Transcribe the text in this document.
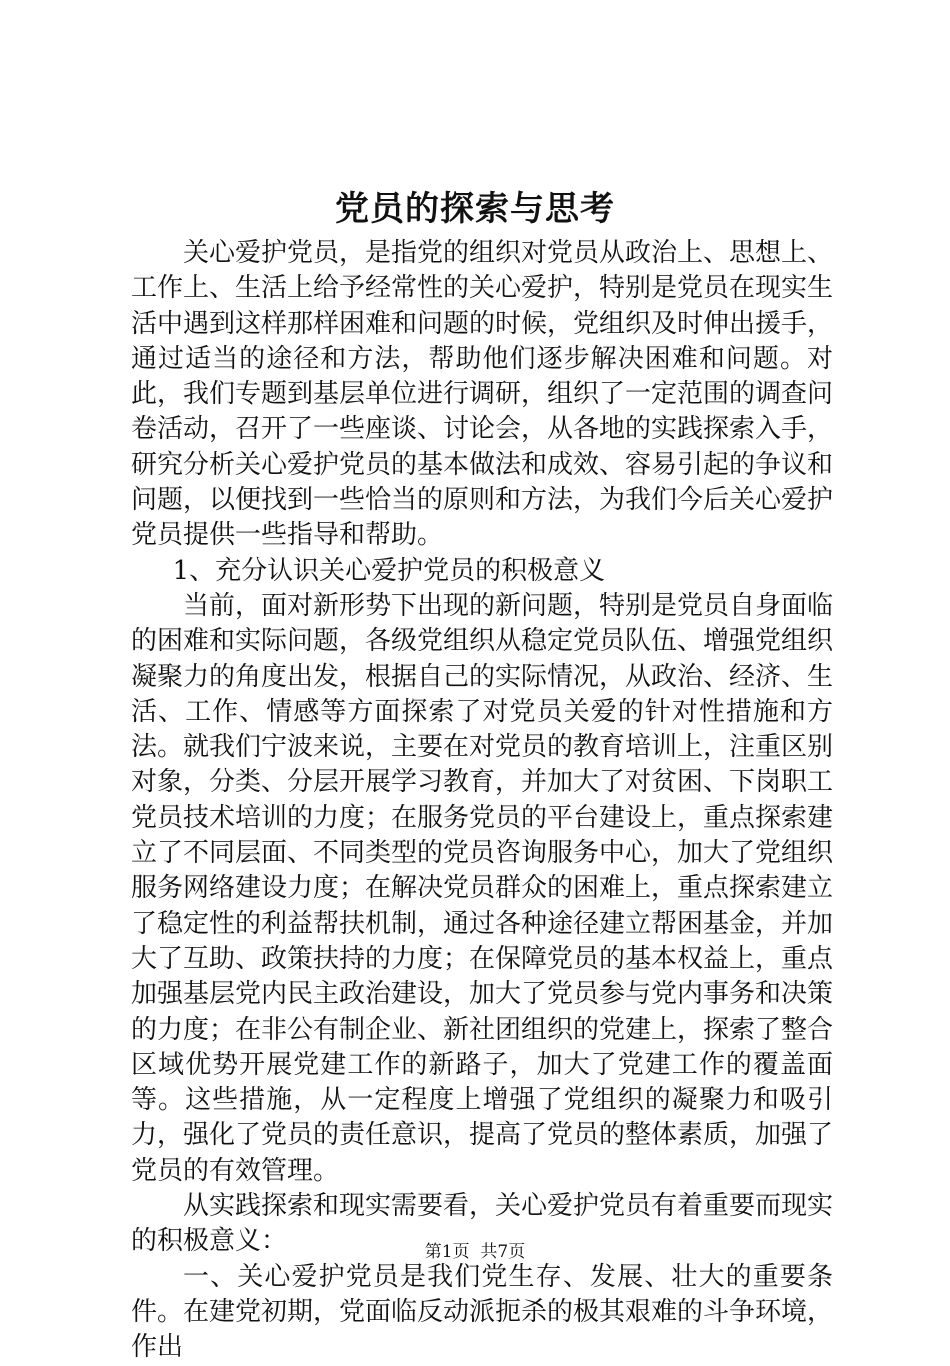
党员的探索与思考

关心爱护党员，是指党的组织对党员从政治上、思想上、工作上、生活上给予经常性的关心爱护，特别是党员在现实生活中遇到这样那样困难和问题的时候，党组织及时伸出援手，通过适当的途径和方法，帮助他们逐步解决困难和问题。对此，我们专题到基层单位进行调研，组织了一定范围的调查问卷活动，召开了一些座谈、讨论会，从各地的实践探索入手，研究分析关心爱护党员的基本做法和成效、容易引起的争议和问题，以便找到一些恰当的原则和方法，为我们今后关心爱护党员提供一些指导和帮助。

1、充分认识关心爱护党员的积极意义

当前，面对新形势下出现的新问题，特别是党员自身面临的困难和实际问题，各级党组织从稳定党员队伍、增强党组织凝聚力的角度出发，根据自己的实际情况，从政治、经济、生活、工作、情感等方面探索了对党员关爱的针对性措施和方法。就我们宁波来说，主要在对党员的教育培训上，注重区别对象，分类、分层开展学习教育，并加大了对贫困、下岗职工党员技术培训的力度；在服务党员的平台建设上，重点探索建立了不同层面、不同类型的党员咨询服务中心，加大了党组织服务网络建设力度；在解决党员群众的困难上，重点探索建立了稳定性的利益帮扶机制，通过各种途径建立帮困基金，并加大了互助、政策扶持的力度；在保障党员的基本权益上，重点加强基层党内民主政治建设，加大了党员参与党内事务和决策的力度；在非公有制企业、新社团组织的党建上，探索了整合区域优势开展党建工作的新路子，加大了党建工作的覆盖面等。这些措施，从一定程度上增强了党组织的凝聚力和吸引力，强化了党员的责任意识，提高了党员的整体素质，加强了党员的有效管理。

从实践探索和现实需要看，关心爱护党员有着重要而现实的积极意义：

一、关心爱护党员是我们党生存、发展、壮大的重要条件。在建党初期，党面临反动派扼杀的极其艰难的斗争环境，作出

第1页 共7页
